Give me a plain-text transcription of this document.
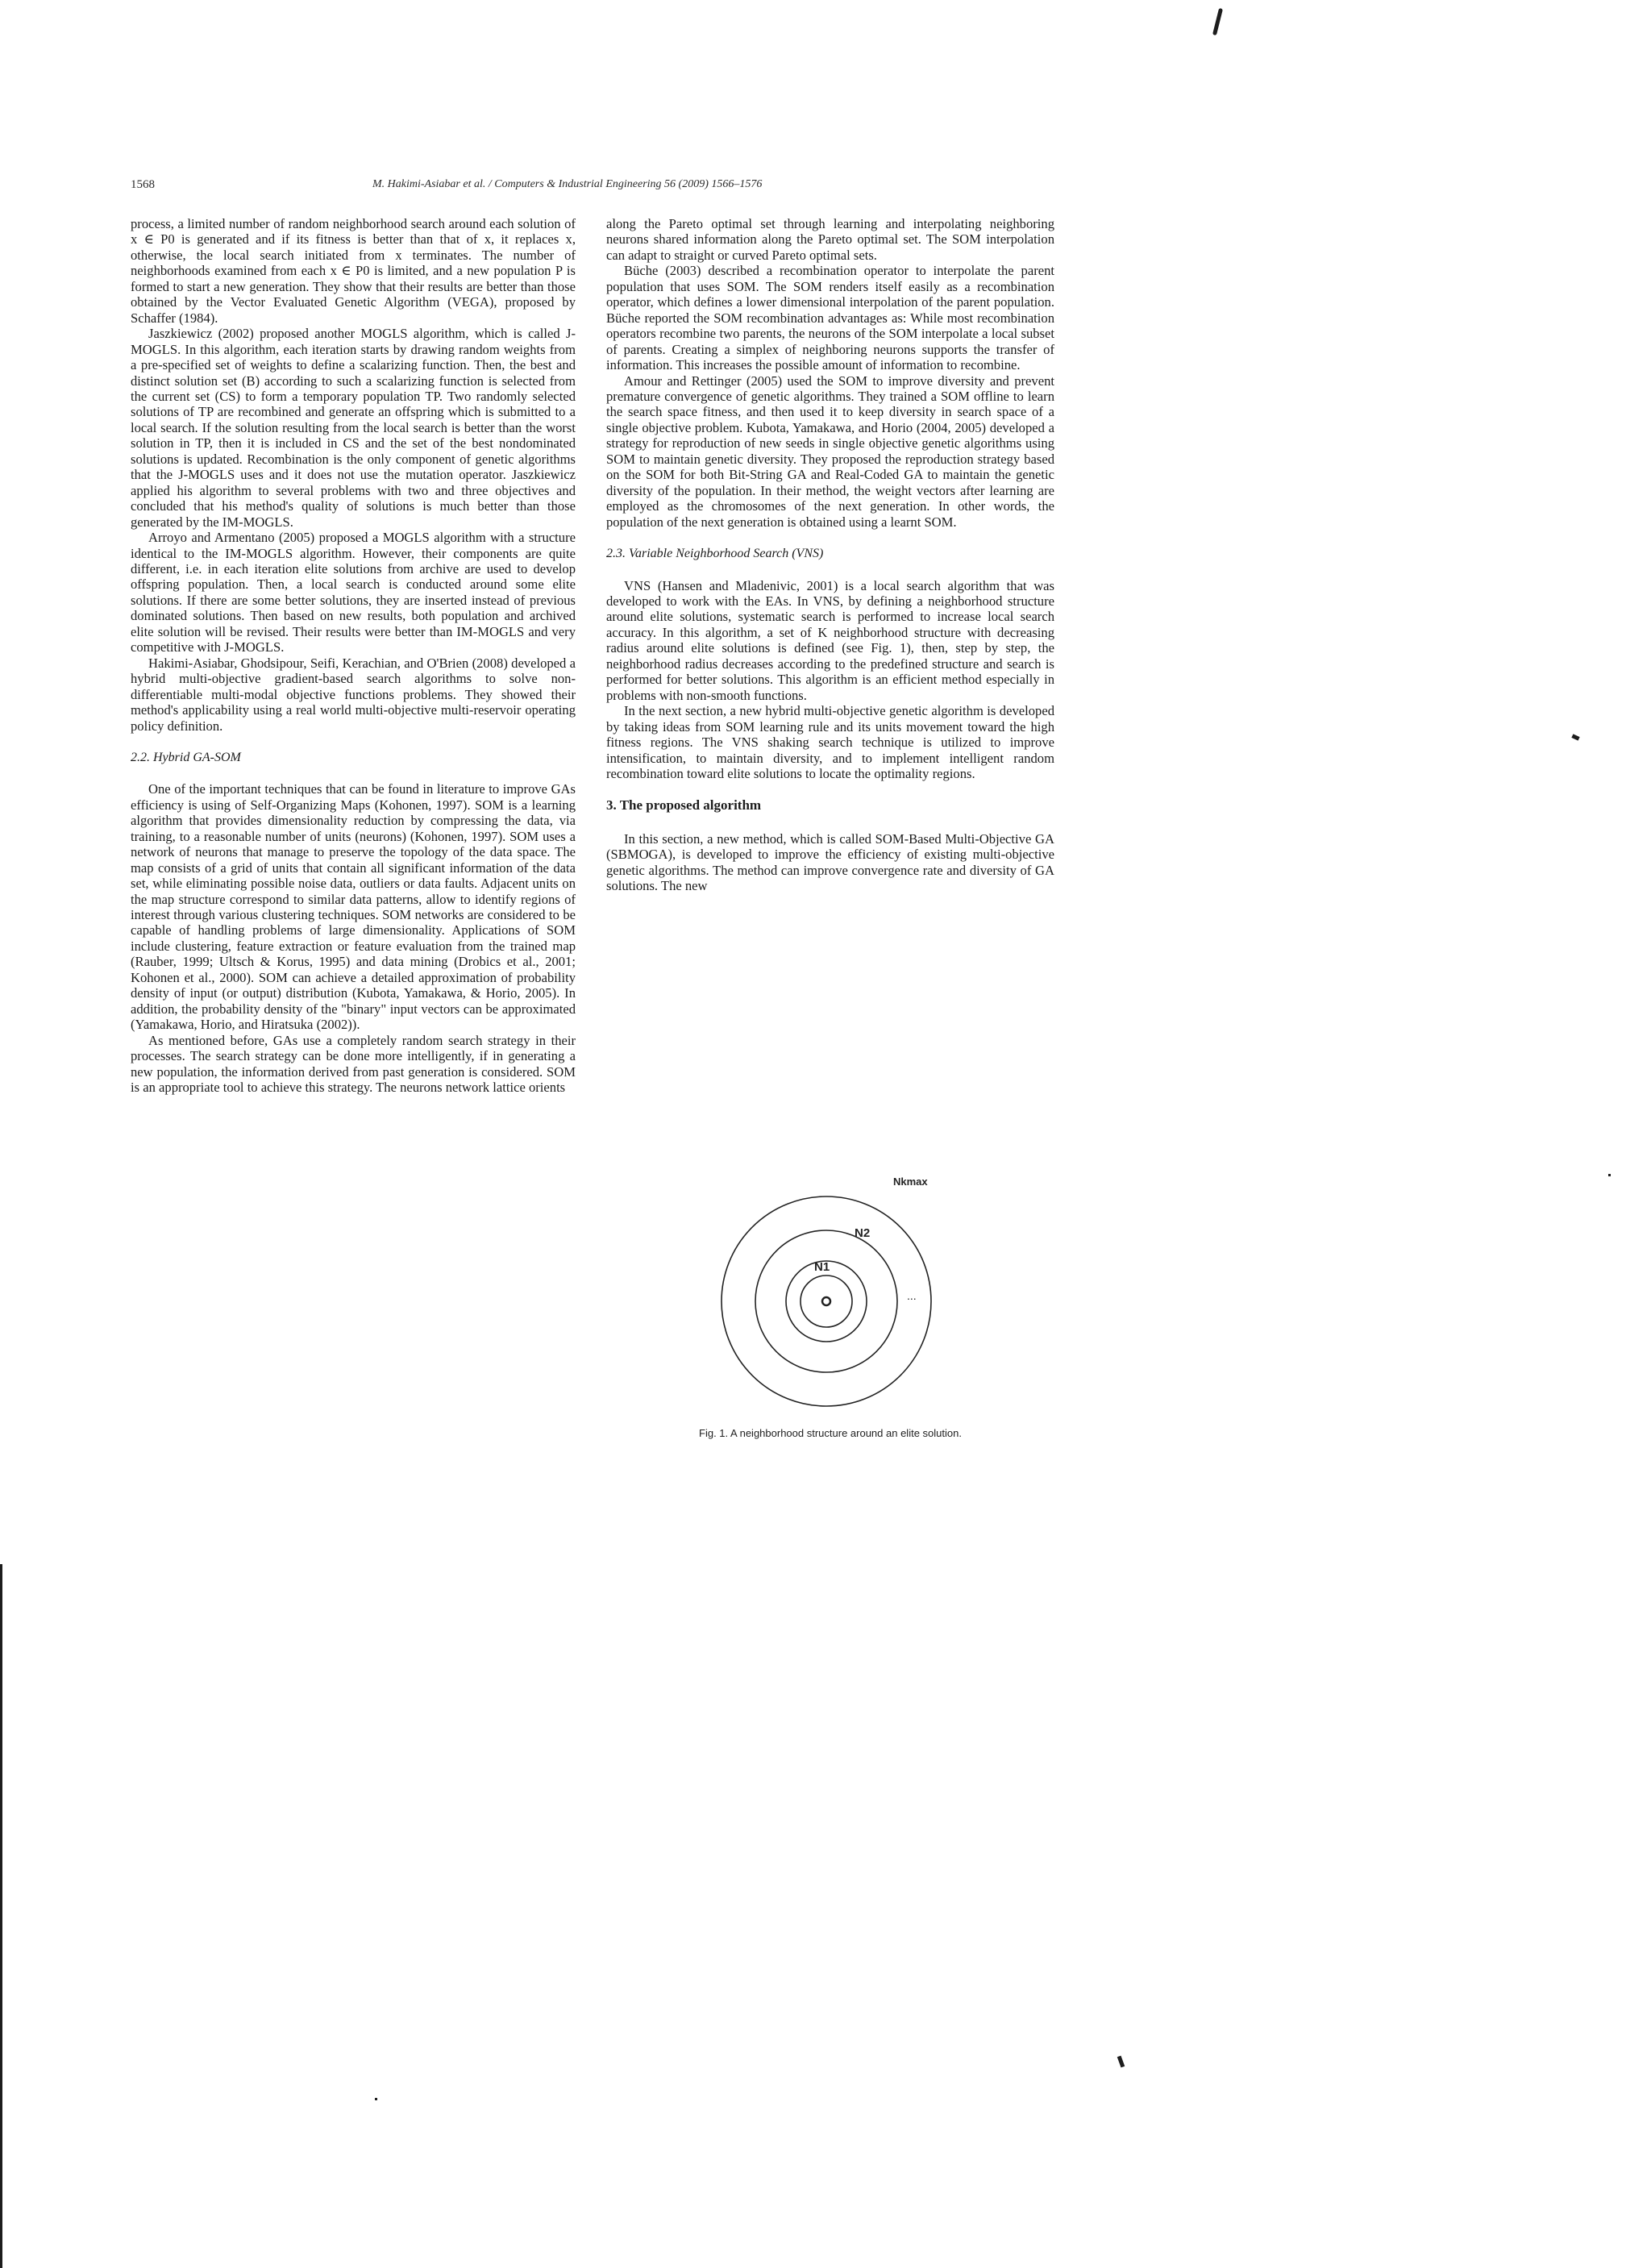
1568	M. Hakimi-Asiabar et al. / Computers & Industrial Engineering 56 (2009) 1566–1576

process, a limited number of random neighborhood search around each solution of x ∈ P0 is generated and if its fitness is better than that of x, it replaces x, otherwise, the local search initiated from x terminates. The number of neighborhoods examined from each x ∈ P0 is limited, and a new population P is formed to start a new generation. They show that their results are better than those obtained by the Vector Evaluated Genetic Algorithm (VEGA), proposed by Schaffer (1984).

Jaszkiewicz (2002) proposed another MOGLS algorithm, which is called J-MOGLS. In this algorithm, each iteration starts by drawing random weights from a pre-specified set of weights to define a scalarizing function. Then, the best and distinct solution set (B) according to such a scalarizing function is selected from the current set (CS) to form a temporary population TP. Two randomly selected solutions of TP are recombined and generate an offspring which is submitted to a local search. If the solution resulting from the local search is better than the worst solution in TP, then it is included in CS and the set of the best nondominated solutions is updated. Recombination is the only component of genetic algorithms that the J-MOGLS uses and it does not use the mutation operator. Jaszkiewicz applied his algorithm to several problems with two and three objectives and concluded that his method's quality of solutions is much better than those generated by the IM-MOGLS.

Arroyo and Armentano (2005) proposed a MOGLS algorithm with a structure identical to the IM-MOGLS algorithm. However, their components are quite different, i.e. in each iteration elite solutions from archive are used to develop offspring population. Then, a local search is conducted around some elite solutions. If there are some better solutions, they are inserted instead of previous dominated solutions. Then based on new results, both population and archived elite solution will be revised. Their results were better than IM-MOGLS and very competitive with J-MOGLS.

Hakimi-Asiabar, Ghodsipour, Seifi, Kerachian, and O'Brien (2008) developed a hybrid multi-objective gradient-based search algorithms to solve non-differentiable multi-modal objective functions problems. They showed their method's applicability using a real world multi-objective multi-reservoir operating policy definition.

2.2. Hybrid GA-SOM

One of the important techniques that can be found in literature to improve GAs efficiency is using of Self-Organizing Maps (Kohonen, 1997). SOM is a learning algorithm that provides dimensionality reduction by compressing the data, via training, to a reasonable number of units (neurons) (Kohonen, 1997). SOM uses a network of neurons that manage to preserve the topology of the data space. The map consists of a grid of units that contain all significant information of the data set, while eliminating possible noise data, outliers or data faults. Adjacent units on the map structure correspond to similar data patterns, allow to identify regions of interest through various clustering techniques. SOM networks are considered to be capable of handling problems of large dimensionality. Applications of SOM include clustering, feature extraction or feature evaluation from the trained map (Rauber, 1999; Ultsch & Korus, 1995) and data mining (Drobics et al., 2001; Kohonen et al., 2000). SOM can achieve a detailed approximation of probability density of input (or output) distribution (Kubota, Yamakawa, & Horio, 2005). In addition, the probability density of the "binary" input vectors can be approximated (Yamakawa, Horio, and Hiratsuka (2002)).

As mentioned before, GAs use a completely random search strategy in their processes. The search strategy can be done more intelligently, if in generating a new population, the information derived from past generation is considered. SOM is an appropriate tool to achieve this strategy. The neurons network lattice orients

along the Pareto optimal set through learning and interpolating neighboring neurons shared information along the Pareto optimal set. The SOM interpolation can adapt to straight or curved Pareto optimal sets.

Büche (2003) described a recombination operator to interpolate the parent population that uses SOM. The SOM renders itself easily as a recombination operator, which defines a lower dimensional interpolation of the parent population. Büche reported the SOM recombination advantages as: While most recombination operators recombine two parents, the neurons of the SOM interpolate a local subset of parents. Creating a simplex of neighboring neurons supports the transfer of information. This increases the possible amount of information to recombine.

Amour and Rettinger (2005) used the SOM to improve diversity and prevent premature convergence of genetic algorithms. They trained a SOM offline to learn the search space fitness, and then used it to keep diversity in search space of a single objective problem. Kubota, Yamakawa, and Horio (2004, 2005) developed a strategy for reproduction of new seeds in single objective genetic algorithms using SOM to maintain genetic diversity. They proposed the reproduction strategy based on the SOM for both Bit-String GA and Real-Coded GA to maintain the genetic diversity of the population. In their method, the weight vectors after learning are employed as the chromosomes of the next generation. In other words, the population of the next generation is obtained using a learnt SOM.

2.3. Variable Neighborhood Search (VNS)

VNS (Hansen and Mladenivic, 2001) is a local search algorithm that was developed to work with the EAs. In VNS, by defining a neighborhood structure around elite solutions, systematic search is performed to increase local search accuracy. In this algorithm, a set of K neighborhood structure with decreasing radius around elite solutions is defined (see Fig. 1), then, step by step, the neighborhood radius decreases according to the predefined structure and search is performed for better solutions. This algorithm is an efficient method especially in problems with non-smooth functions.

In the next section, a new hybrid multi-objective genetic algorithm is developed by taking ideas from SOM learning rule and its units movement toward the high fitness regions. The VNS shaking search technique is utilized to improve intensification, to maintain diversity, and to implement intelligent random recombination toward elite solutions to locate the optimality regions.

3. The proposed algorithm

In this section, a new method, which is called SOM-Based Multi-Objective GA (SBMOGA), is developed to improve the efficiency of existing multi-objective genetic algorithms. The method can improve convergence rate and diversity of GA solutions. The new

N1
N2
Nkmax
...
Fig. 1. A neighborhood structure around an elite solution.
